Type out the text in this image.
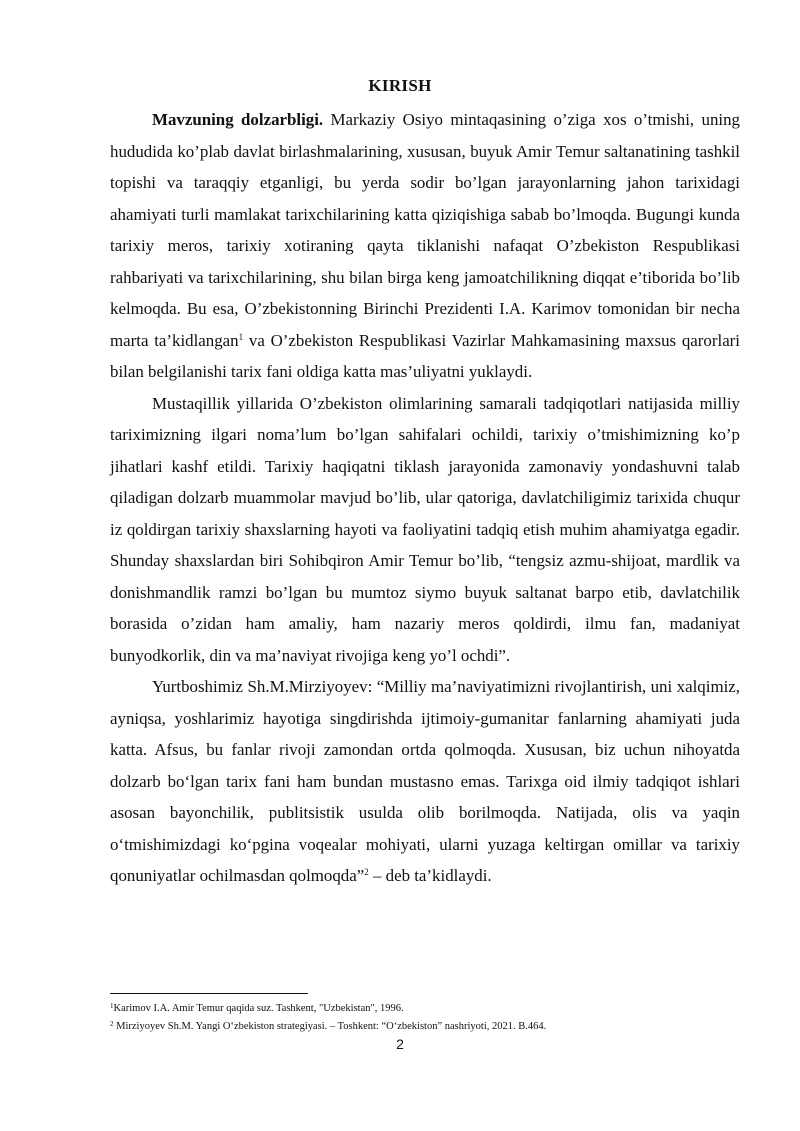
KIRISH

Mavzuning dolzarbligi. Markaziy Osiyo mintaqasining o’ziga xos o’tmishi, uning hududida ko’plab davlat birlashmalarining, xususan, buyuk Amir Temur saltanatining tashkil topishi va taraqqiy etganligi, bu yerda sodir bo’lgan jarayonlarning jahon tarixidagi ahamiyati turli mamlakat tarixchilarining katta qiziqishiga sabab bo’lmoqda. Bugungi kunda tarixiy meros, tarixiy xotiraning qayta tiklanishi nafaqat O’zbekiston Respublikasi rahbariyati va tarixchilarining, shu bilan birga keng jamoatchilikning diqqat e’tiborida bo’lib kelmoqda. Bu esa, O’zbekistonning Birinchi Prezidenti I.A. Karimov tomonidan bir necha marta ta’kidlangan$^1$ va O’zbekiston Respublikasi Vazirlar Mahkamasining maxsus qarorlari bilan belgilanishi tarix fani oldiga katta mas’uliyatni yuklaydi.

Mustaqillik yillarida O’zbekiston olimlarining samarali tadqiqotlari natijasida milliy tariximizning ilgari noma’lum bo’lgan sahifalari ochildi, tarixiy o’tmishimizning ko’p jihatlari kashf etildi. Tarixiy haqiqatni tiklash jarayonida zamonaviy yondashuvni talab qiladigan dolzarb muammolar mavjud bo’lib, ular qatoriga, davlatchiligimiz tarixida chuqur iz qoldirgan tarixiy shaxslarning hayoti va faoliyatini tadqiq etish muhim ahamiyatga egadir. Shunday shaxslardan biri Sohibqiron Amir Temur bo’lib, “tengsiz azmu-shijoat, mardlik va donishmandlik ramzi bo’lgan bu mumtoz siymo buyuk saltanat barpo etib, davlatchilik borasida o’zidan ham amaliy, ham nazariy meros qoldirdi, ilmu fan, madaniyat bunyodkorlik, din va ma’naviyat rivojiga keng yo’l ochdi”.

Yurtboshimiz Sh.M.Mirziyoyev: “Milliy ma’naviyatimizni rivojlantirish, uni xalqimiz, ayniqsa, yoshlarimiz hayotiga singdirishda ijtimoiy-gumanitar fanlarning ahamiyati juda katta. Afsus, bu fanlar rivoji zamondan ortda qolmoqda. Xususan, biz uchun nihoyatda dolzarb bo‘lgan tarix fani ham bundan mustasno emas. Tarixga oid ilmiy tadqiqot ishlari asosan bayonchilik, publitsistik usulda olib borilmoqda. Natijada, olis va yaqin o‘tmishimizdagi ko‘pgina voqealar mohiyati, ularni yuzaga keltirgan omillar va tarixiy qonuniyatlar ochilmasdan qolmoqda”$^2$ – deb ta’kidlaydi.

$^1$Karimov I.A. Amir Temur qaqida suz. Tashkent, "Uzbekistan", 1996.
$^2$ Mirziyoyev Sh.M. Yangi O‘zbekiston strategiyasi. – Toshkent: “O‘zbekiston” nashriyoti, 2021. B.464.
2
